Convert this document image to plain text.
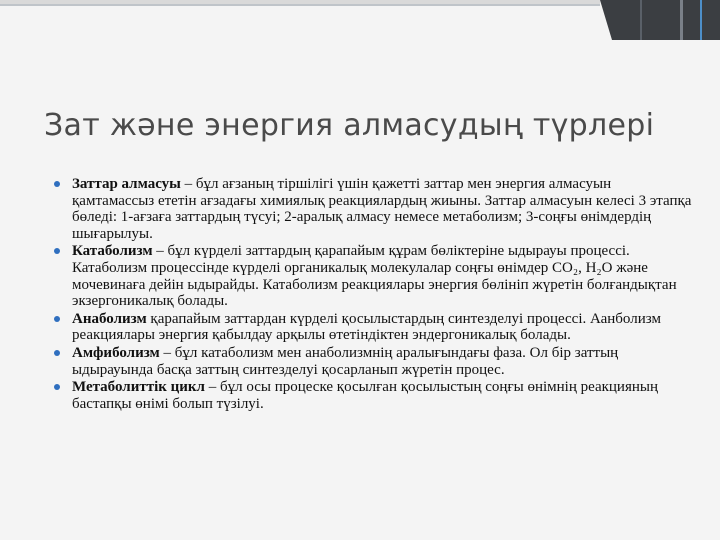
Зат және энергия алмасудың түрлері
Заттар алмасуы – бұл ағзаның тіршілігі үшін қажетті заттар мен энергия алмасуын қамтамассыз ететін ағзадағы химиялық реакциялардың жиыны. Заттар алмасуын келесі 3 этапқа бөледі: 1-ағзаға заттардың түсуі; 2-аралық алмасу немесе метаболизм; 3-соңғы өнімдердің шығарылуы.
Катаболизм – бұл күрделі заттардың қарапайым құрам бөліктеріне ыдырауы процессі. Катаболизм процессінде күрделі органикалық молекулалар соңғы өнімдер СО₂, Н₂О және мочевинаға дейін ыдырайды. Катаболизм реакциялары энергия бөлініп жүретін болғандықтан экзергоникалық болады.
Анаболизм қарапайым заттардан күрделі қосылыстардың синтезделуі процессі. Аанболизм реакциялары энергия қабылдау арқылы өтетіндіктен эндергоникалық болады.
Амфиболизм – бұл катаболизм мен анаболизмнің аралығындағы фаза. Ол бір заттың ыдырауында басқа заттың синтезделуі қосарланып жүретін процес.
Метаболиттік цикл – бұл осы процеске қосылған қосылыстың соңғы өнімнің реакцияның бастапқы өнімі болып түзілуі.
